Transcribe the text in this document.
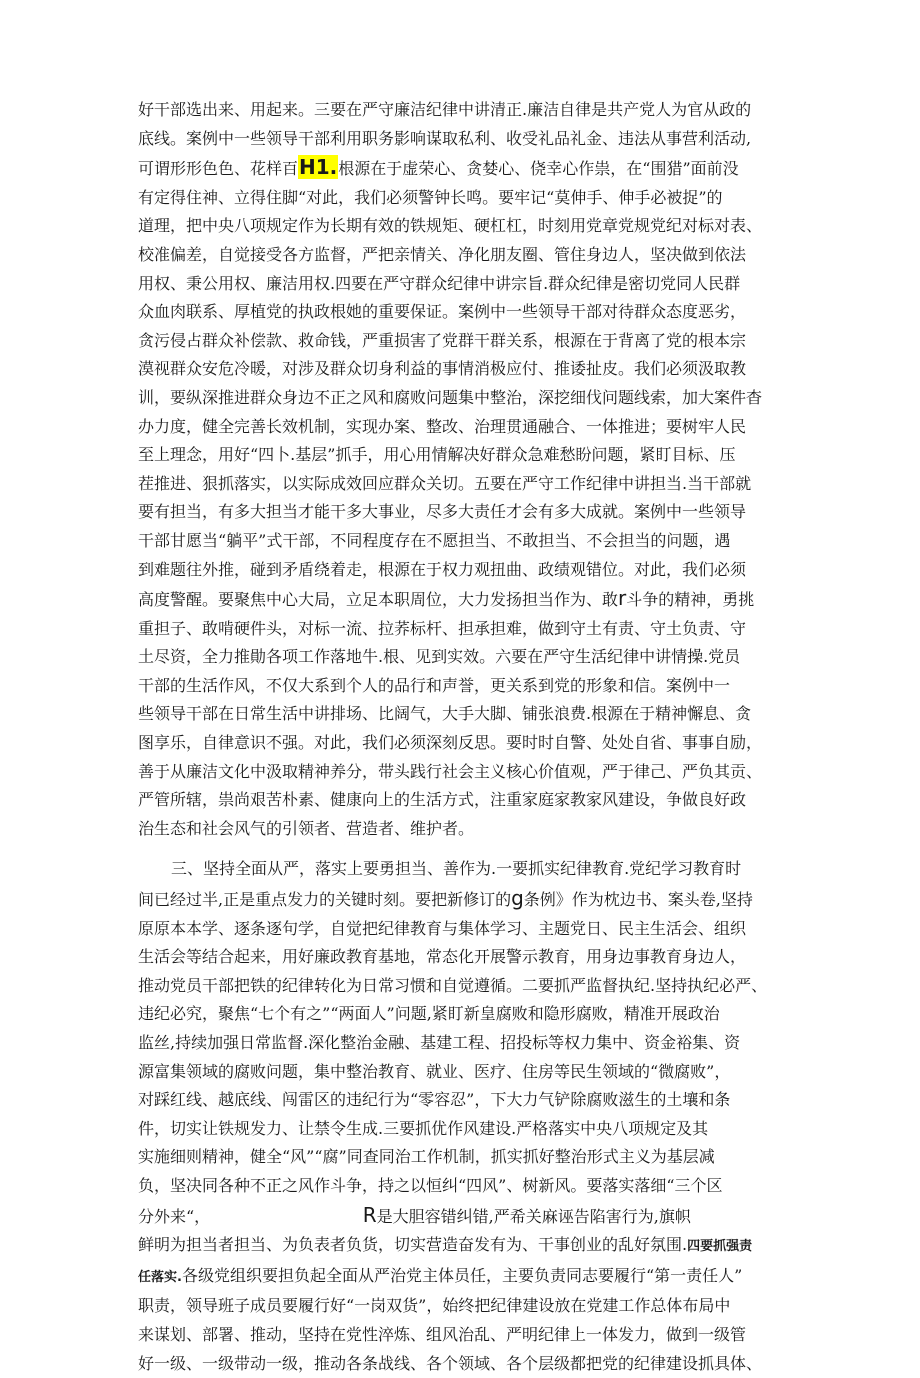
好干部选出来、用起来。三要在严守廉洁纪律中讲清正.廉洁自律是共产党人为官从政的
底线。案例中一些领导干部利用职务影响谋取私利、收受礼品礼金、违法从事营利活动,
可谓形形色色、花样百H1.根源在于虚荣心、贪婪心、侥幸心作祟，在“围猎”面前没
有定得住神、立得住脚“对此，我们必须警钟长鸣。要牢记“莫伸手、伸手必被捉”的
道理，把中央八项规定作为长期有效的铁规矩、硬杠杠，时刻用党章党规党纪对标对表、
校准偏差，自觉接受各方监督，严把亲情关、净化朋友圈、管住身边人，坚决做到依法
用权、秉公用权、廉洁用权.四要在严守群众纪律中讲宗旨.群众纪律是密切党同人民群
众血肉联系、厚植党的执政根她的重要保证。案例中一些领导干部对待群众态度恶劣，
贪污侵占群众补偿款、救命钱，严重损害了党群干群关系，根源在于背离了党的根本宗
漠视群众安危冷暖，对涉及群众切身利益的事情消极应付、推诿扯皮。我们必须汲取教
训，要纵深推进群众身边不正之风和腐败问题集中整治，深挖细伐问题线索，加大案件杳
办力度，健全完善长效机制，实现办案、整改、治理贯通融合、一体推进；要树牢人民
至上理念，用好“四卜.基层”抓手，用心用情解决好群众急难愁盼问题，紧盯目标、压
茬推进、狠抓落实，以实际成效回应群众关切。五要在严守工作纪律中讲担当.当干部就
要有担当，有多大担当才能干多大事业，尽多大责任才会有多大成就。案例中一些领导
干部甘愿当“躺平”式干部，不同程度存在不愿担当、不敢担当、不会担当的问题，遇
到难题往外推，碰到矛盾绕着走，根源在于权力观扭曲、政绩观错位。对此，我们必须
高度警醒。要聚焦中心大局，立足本职周位，大力发扬担当作为、敢r斗争的精神，勇挑
重担子、敢啃硬件头，对标一流、拉荞标杆、担承担难，做到守土有责、守土负责、守
土尽资，全力推勛各项工作落地牛.根、见到实效。六要在严守生活纪律中讲情操.党员
干部的生活作风，不仅大系到个人的品行和声誉，更关系到党的形象和信。案例中一
些领导干部在日常生活中讲排场、比阔气，大手大脚、铺张浪费.根源在于精神懈息、贪
图享乐，自律意识不强。对此，我们必须深刻反思。要时时自警、处处自省、事事自励，
善于从廉洁文化中汲取精神养分，带头践行社会主义核心价值观，严于律己、严负其贡、
严管所辖，祟尚艰苦朴素、健康向上的生活方式，注重家庭家教家风建设，争做良好政
治生态和社会风气的引领者、营造者、维护者。

三、坚持全面从严，落实上要勇担当、善作为.一要抓实纪律教育.党纪学习教育时
间已经过半,正是重点发力的关键时刻。要把新修订的g条例》作为枕边书、案头卷,坚持
原原本本学、逐条逐句学，自觉把纪律教育与集体学习、主题党日、民主生活会、组织
生活会等结合起来，用好廉政教育基地，常态化开展警示教育，用身边事教育身边人，
推动党员干部把铁的纪律转化为日常习惯和自觉遵循。二要抓严监督执纪.坚持执纪必严、
违纪必究，聚焦“七个有之”“两面人”问题,紧盯新皇腐败和隐形腐败，精准开展政治
监丝,持续加强日常监督.深化整治金融、基建工程、招投标等权力集中、资金裕集、资
源富集领域的腐败问题，集中整治教育、就业、医疗、住房等民生领域的“微腐败”，
对踩红线、越底线、闯雷区的违纪行为“零容忍”，下大力气铲除腐败滋生的土壤和条
件，切实让铁规发力、让禁令生成.三要抓优作风建设.严格落实中央八项规定及其
实施细则精神，健全“风”“腐”同查同治工作机制，抓实抓好整治形式主义为基层减
负，坚决同各种不正之风作斗争，持之以恒纠“四风”、树新风。要落实落细“三个区
分外来“，                              R是大胆容错纠错,严希关麻诬告陷害行为,旗帜
鲜明为担当者担当、为负表者负货，切实营造奋发有为、干事创业的乱好氛围.四要抓强责
任落实.各级党组织要担负起全面从严治党主体员任，主要负责同志要履行“第一责任人”
职责，领导班子成员要履行好“一岗双货”，始终把纪律建设放在党建工作总体布局中
来谋划、部署、推动，坚持在党性淬炼、组风治乱、严明纪律上一体发力，做到一级管
好一级、一级带动一级，推动各条战线、各个领域、各个层级都把党的纪律建设抓具体、
